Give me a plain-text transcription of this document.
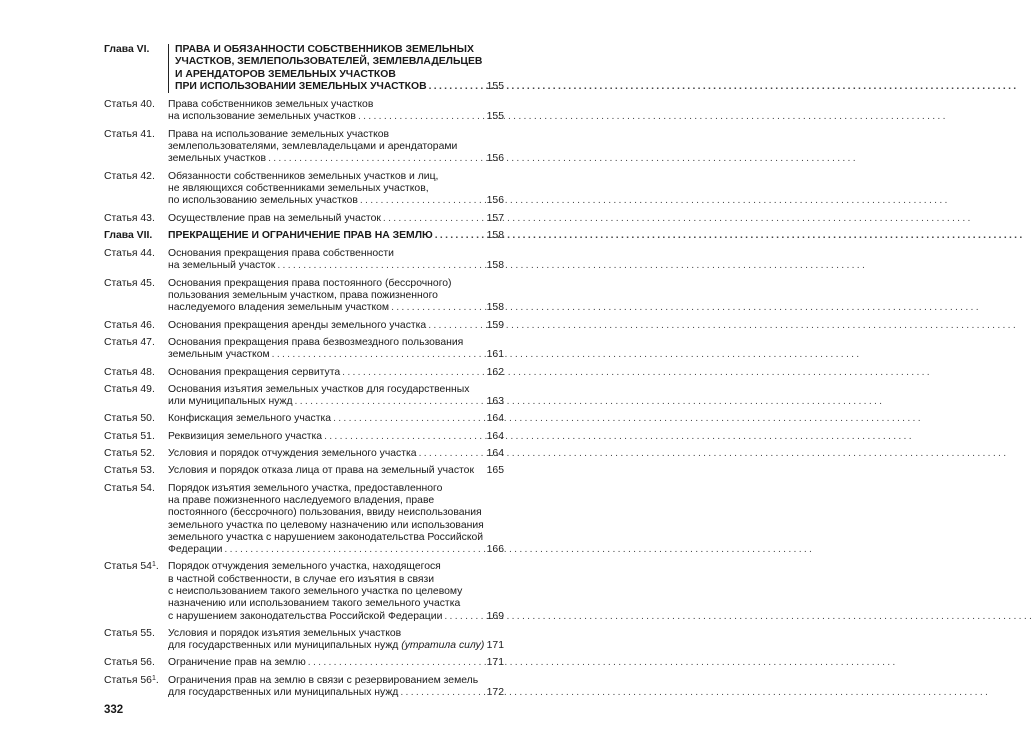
Глава VI.	ПРАВА И ОБЯЗАННОСТИ СОБСТВЕННИКОВ ЗЕМЕЛЬНЫХ
УЧАСТКОВ, ЗЕМЛЕПОЛЬЗОВАТЕЛЕЙ, ЗЕМЛЕВЛАДЕЛЬЦЕВ
И АРЕНДАТОРОВ ЗЕМЕЛЬНЫХ УЧАСТКОВ
ПРИ ИСПОЛЬЗОВАНИИ ЗЕМЕЛЬНЫХ УЧАСТКОВ . . .	155
Статья 40.	Права собственников земельных участков
на использование земельных участков . . .	155
Статья 41.	Права на использование земельных участков
землепользователями, землевладельцами и арендаторами
земельных участков . . .	156
Статья 42.	Обязанности собственников земельных участков и лиц,
не являющихся собственниками земельных участков,
по использованию земельных участков . . .	156
Статья 43.	Осуществление прав на земельный участок . . .	157
Глава VII.	ПРЕКРАЩЕНИЕ И ОГРАНИЧЕНИЕ ПРАВ НА ЗЕМЛЮ . . .	158
Статья 44.	Основания прекращения права собственности
на земельный участок . . .	158
Статья 45.	Основания прекращения права постоянного (бессрочного)
пользования земельным участком, права пожизненного
наследуемого владения земельным участком . . .	158
Статья 46.	Основания прекращения аренды земельного участка . . .	159
Статья 47.	Основания прекращения права безвозмездного пользования
земельным участком . . .	161
Статья 48.	Основания прекращения сервитута . . .	162
Статья 49.	Основания изъятия земельных участков для государственных
или муниципальных нужд . . .	163
Статья 50.	Конфискация земельного участка . . .	164
Статья 51.	Реквизиция земельного участка . . .	164
Статья 52.	Условия и порядок отчуждения земельного участка . . .	164
Статья 53.	Условия и порядок отказа лица от права на земельный участок 165
Статья 54.	Порядок изъятия земельного участка, предоставленного
на праве пожизненного наследуемого владения, праве
постоянного (бессрочного) пользования, ввиду неиспользования
земельного участка по целевому назначению или использования
земельного участка с нарушением законодательства Российской
Федерации . . .	166
Статья $54^1$. Порядок отчуждения земельного участка, находящегося
в частной собственности, в случае его изъятия в связи
с неиспользованием такого земельного участка по целевому
назначению или использованием такого земельного участка
с нарушением законодательства Российской Федерации . . .	169
Статья 55.	Условия и порядок изъятия земельных участков
для государственных или муниципальных нужд (утратила силу) 171
Статья 56.	Ограничение прав на землю . . .	171
Статья $56^1$. Ограничения прав на землю в связи с резервированием земель
для государственных или муниципальных нужд . . .	172
332
